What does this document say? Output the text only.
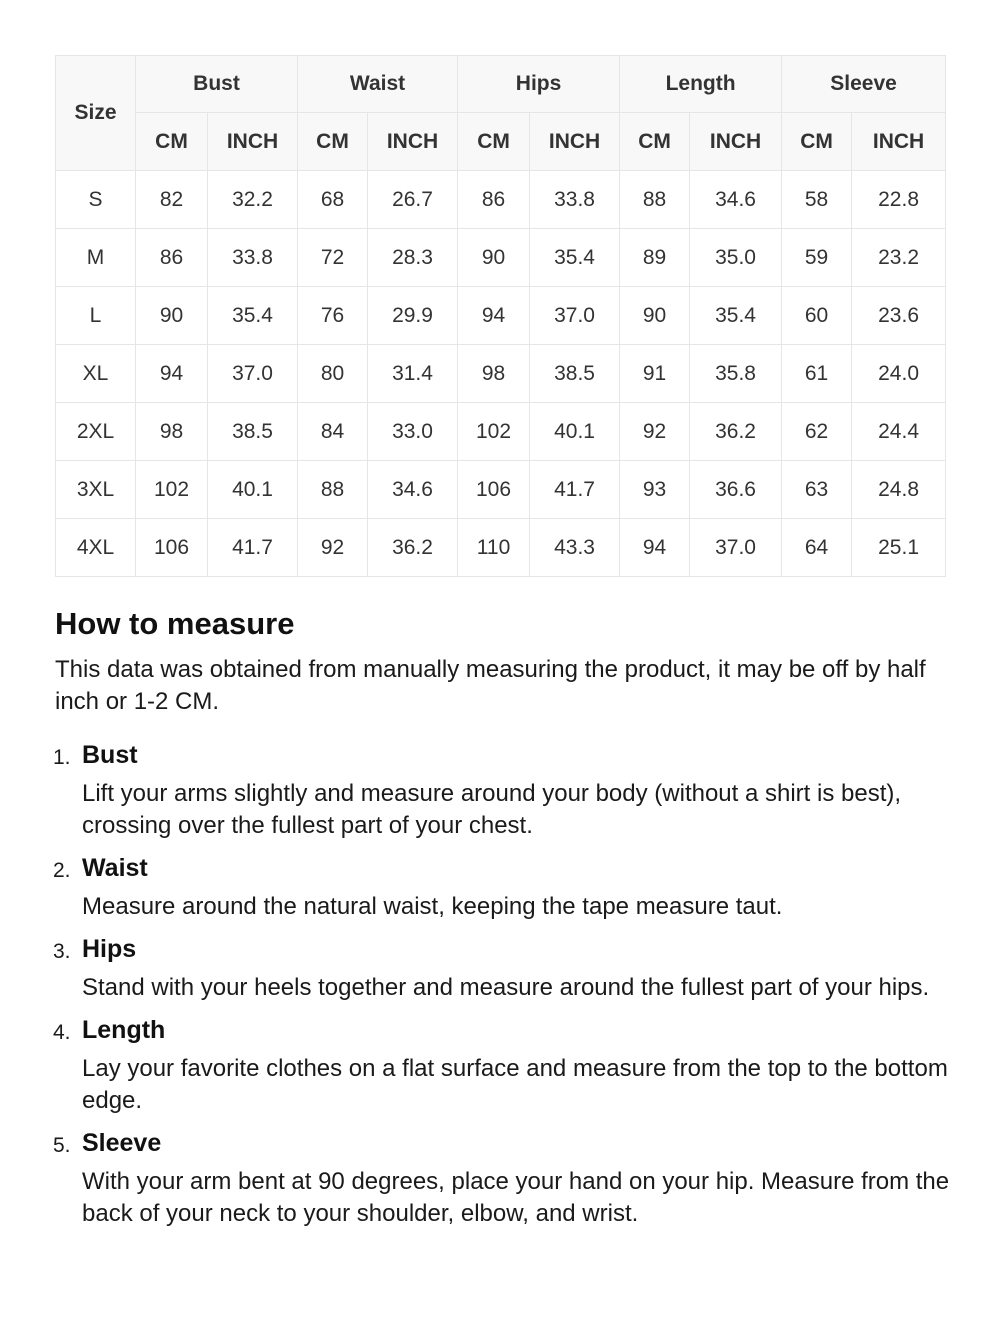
Size	Bust		Waist		Hips		Length		Sleeve	
	CM	INCH	CM	INCH	CM	INCH	CM	INCH	CM	INCH
S	82	32.2	68	26.7	86	33.8	88	34.6	58	22.8
M	86	33.8	72	28.3	90	35.4	89	35.0	59	23.2
L	90	35.4	76	29.9	94	37.0	90	35.4	60	23.6
XL	94	37.0	80	31.4	98	38.5	91	35.8	61	24.0
2XL	98	38.5	84	33.0	102	40.1	92	36.2	62	24.4
3XL	102	40.1	88	34.6	106	41.7	93	36.6	63	24.8
4XL	106	41.7	92	36.2	110	43.3	94	37.0	64	25.1
How to measure

This data was obtained from manually measuring the product, it may be off by half inch or 1-2 CM.

1. Bust
Lift your arms slightly and measure around your body (without a shirt is best), crossing over the fullest part of your chest.
2. Waist
Measure around the natural waist, keeping the tape measure taut.
3. Hips
Stand with your heels together and measure around the fullest part of your hips.
4. Length
Lay your favorite clothes on a flat surface and measure from the top to the bottom edge.
5. Sleeve
With your arm bent at 90 degrees, place your hand on your hip. Measure from the back of your neck to your shoulder, elbow, and wrist.
